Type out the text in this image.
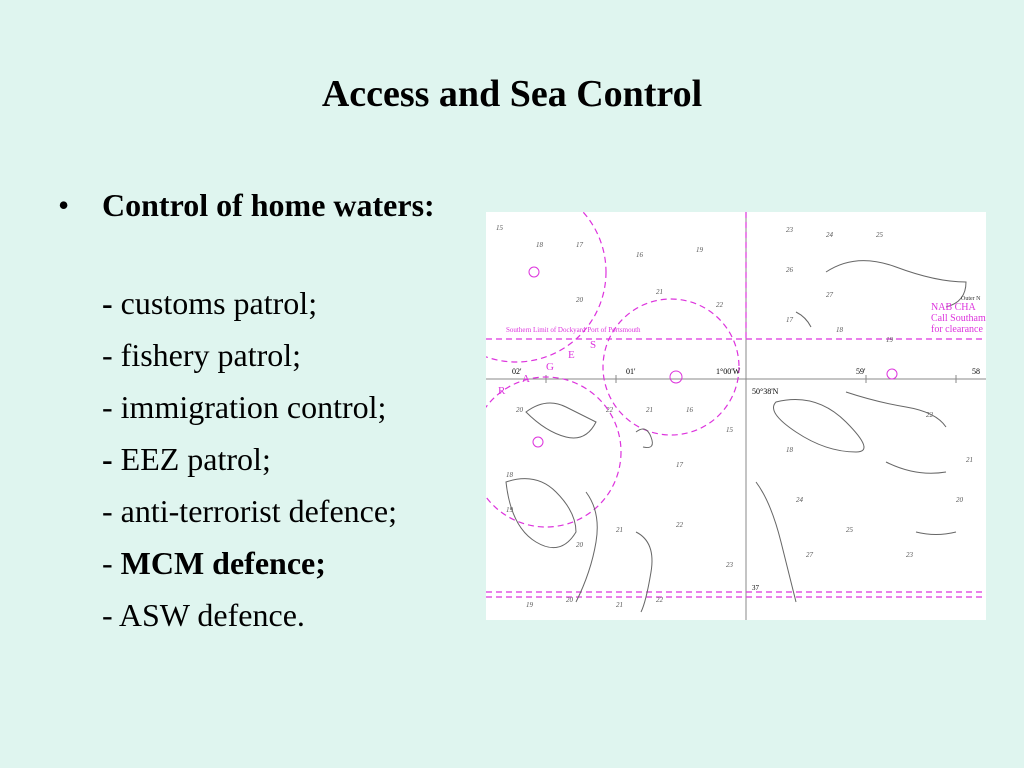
Access and Sea Control
•	Control of home waters:
- customs patrol;
- fishery patrol;
- immigration control;
- EEZ patrol;
- anti-terrorist defence;
- MCM defence;
- ASW defence.
Southern Limit of Dockyard Port of Portsmouth
R
A
G
E
S
NAB CHA
Call Southam
for clearance
Outer N
1°00'W
50°38'N
02'	01'	59'	58
37
15
18	17
16
19
20
21
22
23
24	25
26
27
17
18
19
20	22	21	16
17
15
18
19
20
21
22
23
25
27	23
22
21
20
19
18
24	20
21
22
